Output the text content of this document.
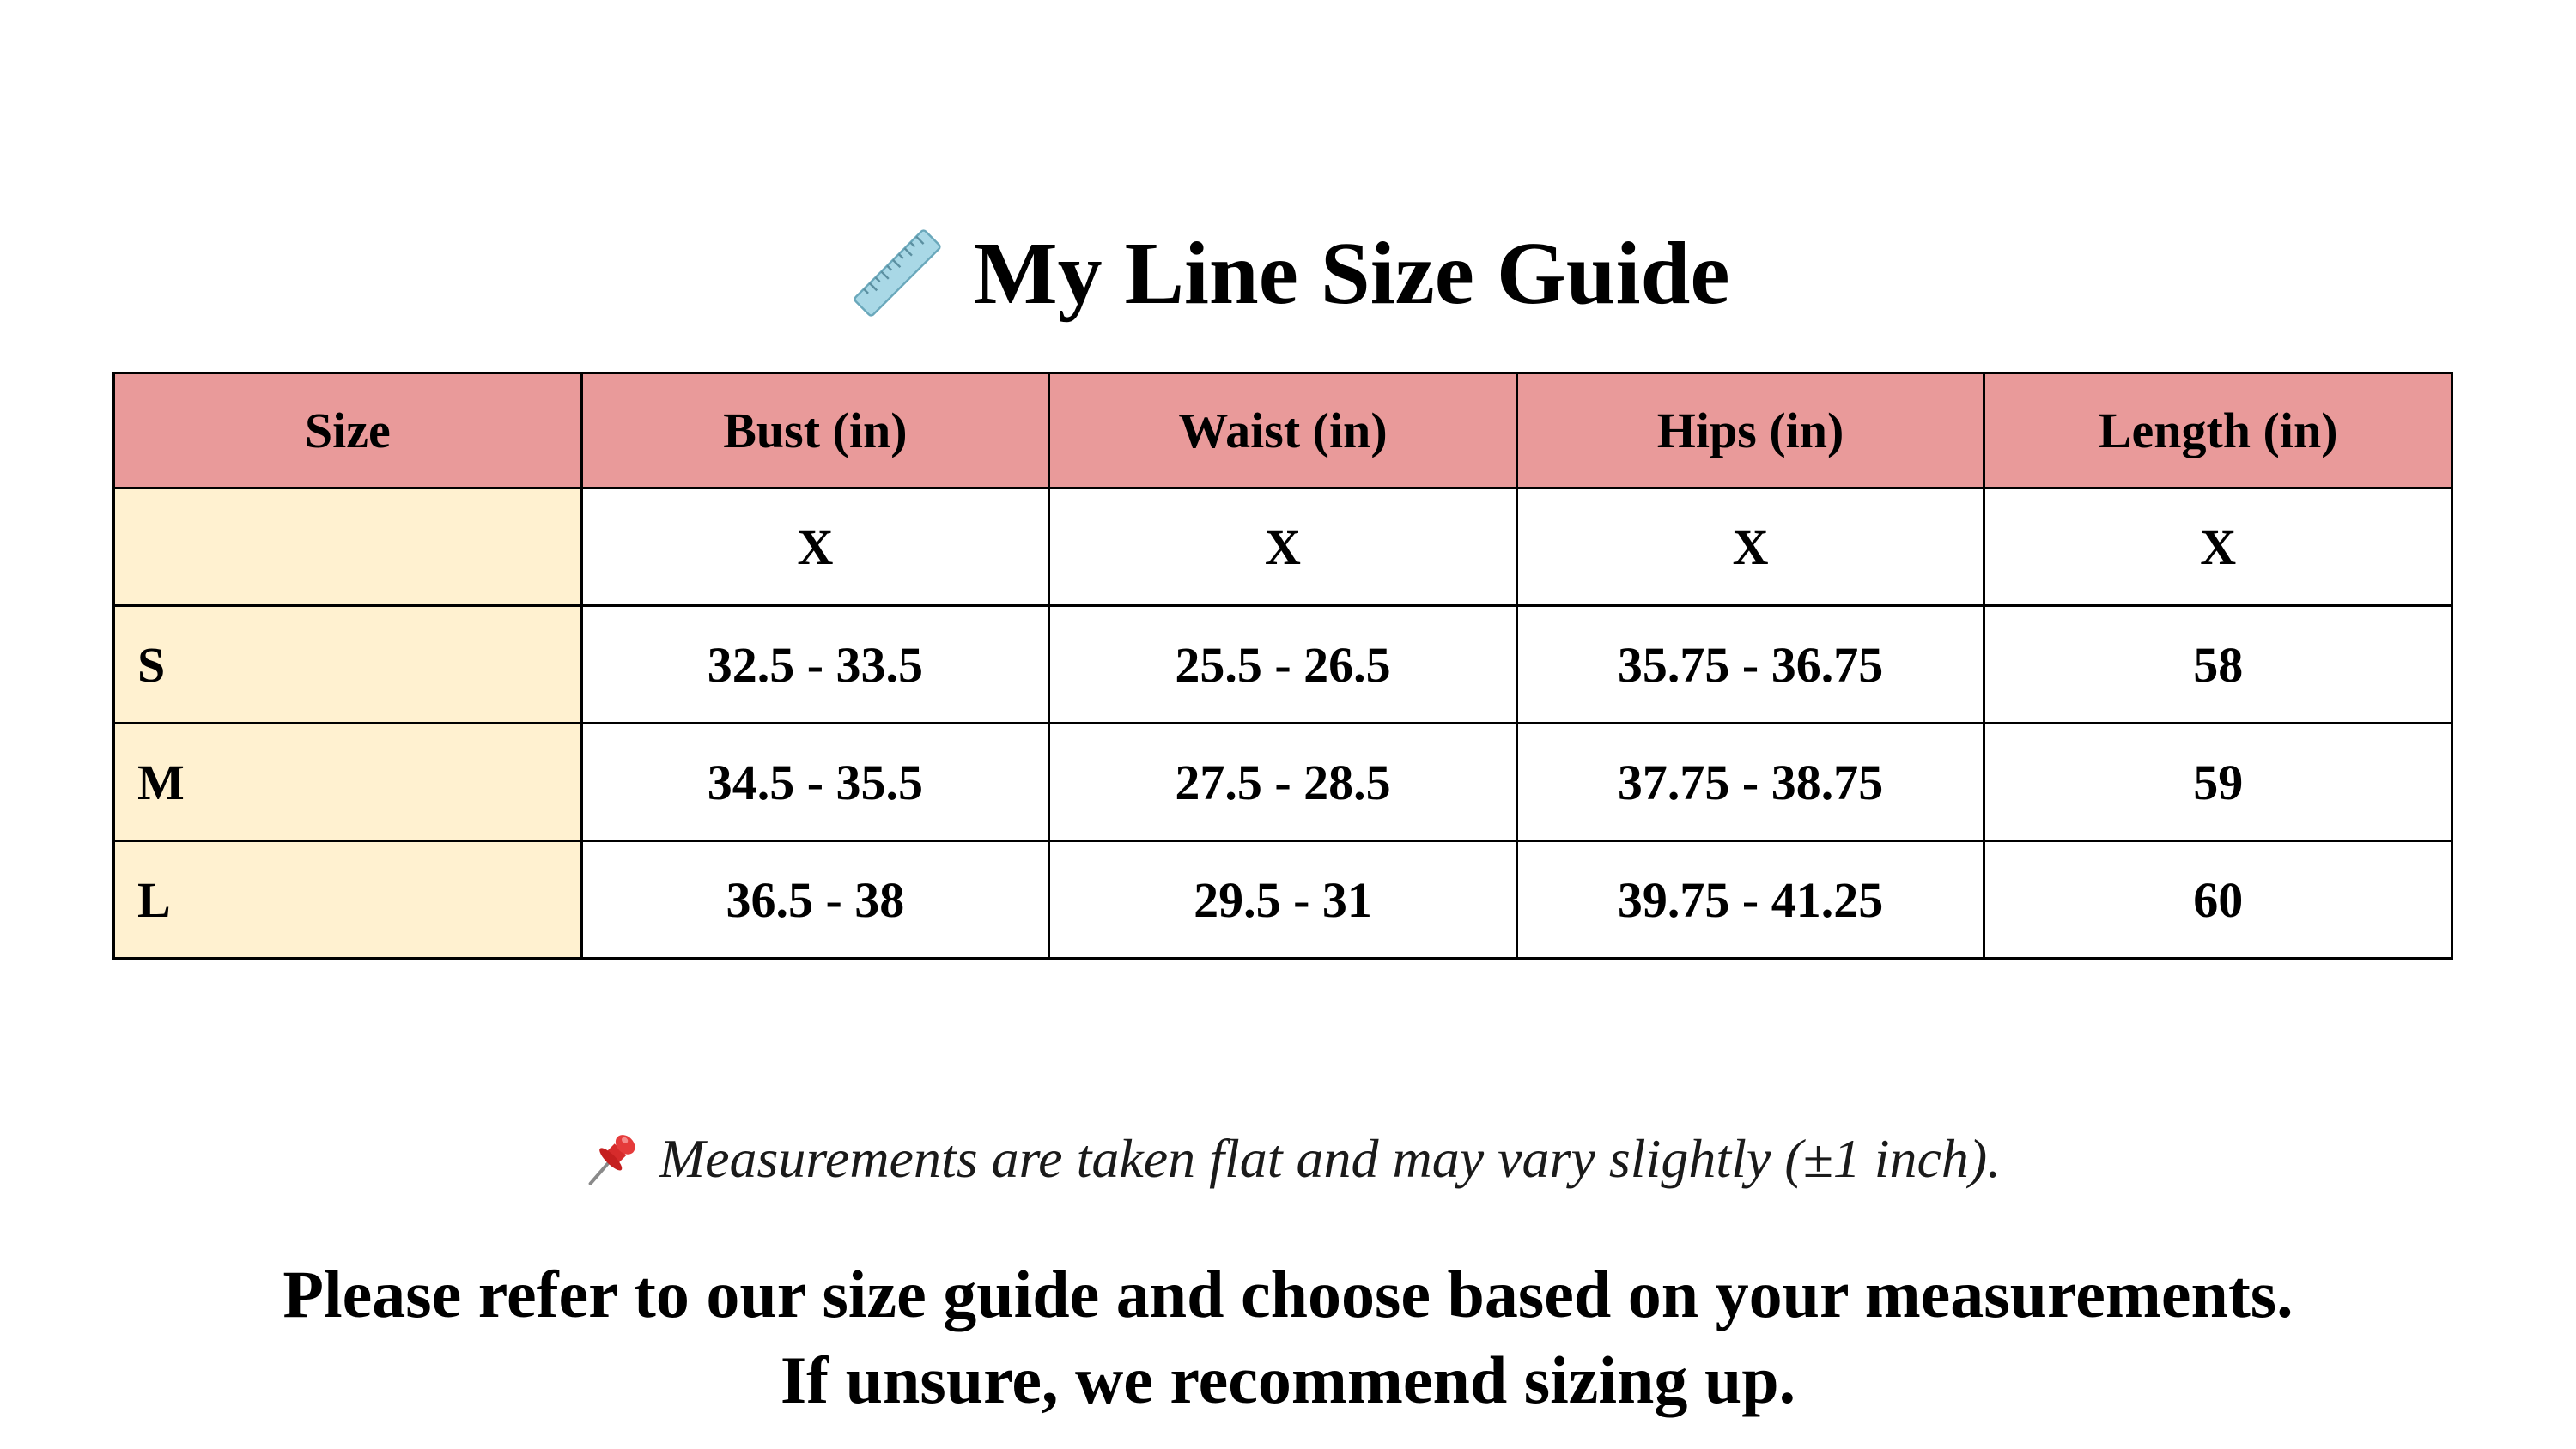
My Line Size Guide
Size	Bust (in)	Waist (in)	Hips (in)	Length (in)
	X	X	X	X
S	32.5 - 33.5	25.5 - 26.5	35.75 - 36.75	58
M	34.5 - 35.5	27.5 - 28.5	37.75 - 38.75	59
L	36.5 - 38	29.5 - 31	39.75 - 41.25	60
Measurements are taken flat and may vary slightly (±1 inch).
Please refer to our size guide and choose based on your measurements.
If unsure, we recommend sizing up.
